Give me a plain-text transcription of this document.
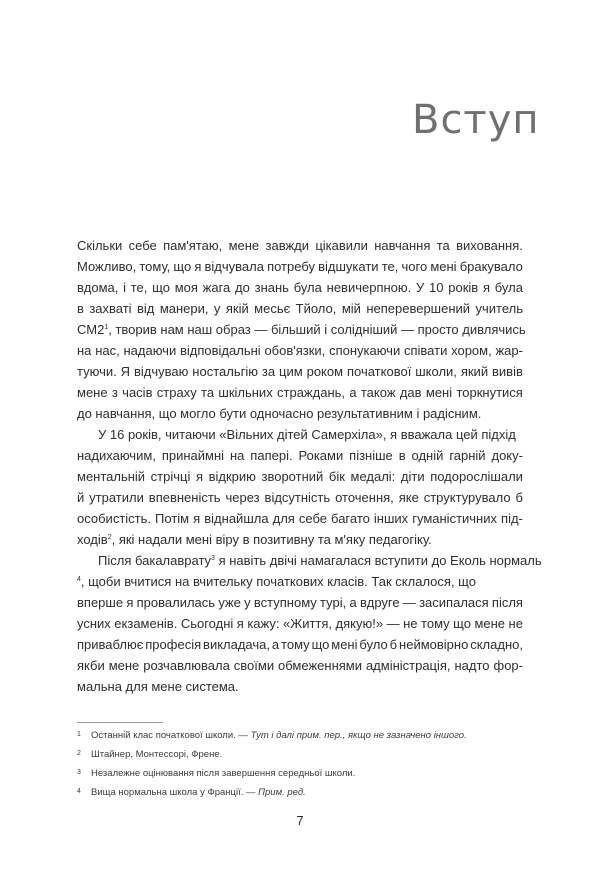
Вступ
Скільки себе пам'ятаю, мене завжди цікавили навчання та виховання.
Можливо, тому, що я відчувала потребу відшукати те, чого мені бракувало
вдома, і те, що моя жага до знань була невичерпною. У 10 років я була
в захваті від манери, у якій месьє Тйоло, мій неперевершений учитель
$СМ2^1$, творив нам наш образ — більший і солідніший — просто дивлячись
на нас, надаючи відповідальні обов'язки, спонукаючи співати хором, жар-
туючи. Я відчуваю ностальгію за цим роком початкової школи, який вивів
мене з часів страху та шкільних страждань, а також дав мені торкнутися
до навчання, що могло бути одночасно результативним і радісним.
У 16 років, читаючи «Вільних дітей Самерхіла», я вважала цей підхід
надихаючим, принаймні на папері. Роками пізніше в одній гарній доку-
ментальній стрічці я відкрию зворотний бік медалі: діти подорослішали
й утратили впевненість через відсутність оточення, яке структурувало б
особистість. Потім я віднайшла для себе багато інших гуманістичних під-
ходів$^2$, які надали мені віру в позитивну та м'яку педагогіку.
Після бакалаврату$^3$ я навіть двічі намагалася вступити до Еколь нормаль
$^4$, щоби вчитися на вчительку початкових класів. Так склалося, що
вперше я провалилась уже у вступному турі, а вдруге — засипалася після
усних екзаменів. Сьогодні я кажу: «Життя, дякую!» — не тому що мене не
приваблює професія викладача, а тому що мені було б неймовірно складно,
якби мене розчавлювала своїми обмеженнями адміністрація, надто фор-
мальна для мене система.
1 Останній клас початкової школи. — Тут і далі прим. пер., якщо не зазначено іншого.
2 Штайнер, Монтессорі, Френе.
3 Незалежне оцінювання після завершення середньої школи.
4 Вища нормальна школа у Франції. — Прим. ред.
7
